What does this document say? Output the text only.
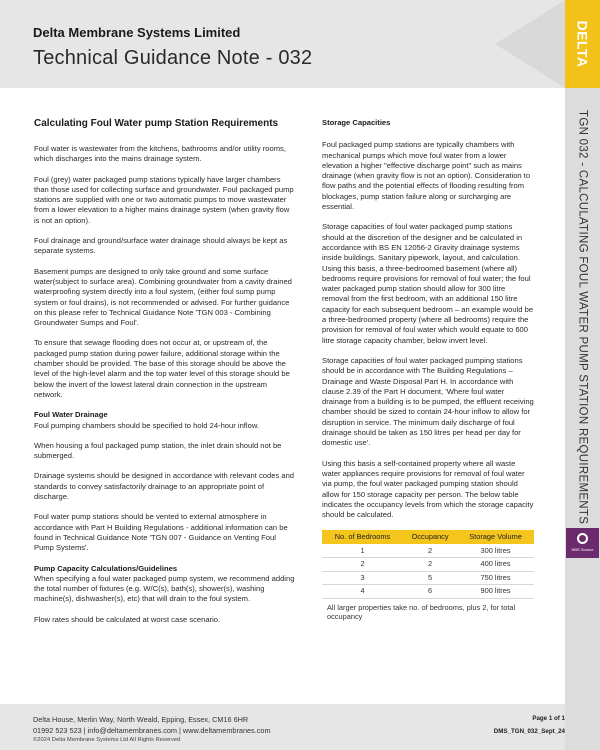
Delta Membrane Systems Limited
Technical Guidance Note - 032	DELTA
TGN 032 - CALCULATING FOUL WATER PUMP STATION REQUIREMENTS
NBS Source
Calculating Foul Water pump Station Requirements

Foul water is wastewater from the kitchens, bathrooms and/or utility rooms, which discharges into the mains drainage system.

Foul (grey) water packaged pump stations typically have larger chambers than those used for collecting surface and groundwater. Foul packaged pump stations are supplied with one or two automatic pumps to move wastewater from a lower elevation to a higher mains drainage system (when gravity flow is not an option).

Foul drainage and ground/surface water drainage should always be kept as separate systems.

Basement pumps are designed to only take ground and some surface water(subject to surface area). Combining groundwater from a cavity drained waterproofing system directly into a foul system, (either foul sump pump system or foul drains), is not recommended or advised. For further guidance on this please refer to Technical Guidance Note 'TGN 003 - Combining Groundwater Sumps and Foul'.

To ensure that sewage flooding does not occur at, or upstream of, the packaged pump station during power failure, additional storage within the chamber should be provided. The base of this storage should be above the level of the high-level alarm and the top water level of this storage should be below the invert of the lowest lateral drain connection in the upstream network.

Foul Water Drainage

Foul pumping chambers should be specified to hold 24-hour inflow.

When housing a foul packaged pump station, the inlet drain should not be submerged.

Drainage systems should be designed in accordance with relevant codes and standards to convey satisfactorily drainage to an appropriate point of discharge.

Foul water pump stations should be vented to external atmosphere in accordance with Part H Building Regulations - additional information can be found in Technical Guidance Note 'TGN 007 - Guidance on Venting Foul Pump Systems'.

Pump Capacity Calculations/Guidelines

When specifying a foul water packaged pump system, we recommend adding the total number of fixtures (e.g. W/C(s), bath(s), shower(s), washing machine(s), dishwasher(s), etc) that will drain to the foul system.

Flow rates should be calculated at worst case scenario.

Storage Capacities

Foul packaged pump stations are typically chambers with mechanical pumps which move foul water from a lower elevation a higher "effective discharge point" such as mains drainage (when gravity flow is not an option). Consideration to flow paths and the potential effects of flooding resulting from blockages, pump station failure along or surcharging are essential.

Storage capacities of foul water packaged pump stations should at the discretion of the designer and be calculated in accordance with BS EN 12056-2 Gravity drainage systems inside buildings. Sanitary pipework, layout, and calculation. Using this basis, a three-bedroomed basement (where all) bedrooms require provisions for removal of foul water; the foul water packaged pump station should allow for 300 litre removal from the first bedroom, with an additional 150 litre capacity for each subsequent bedroom – an example would be a three-bedroomed property (where all bedrooms) require the provision for removal of foul water which would equate to 600 litre storage capacity chamber, below invert level.

Storage capacities of foul water packaged pumping stations should be in accordance with The Building Regulations – Drainage and Waste Disposal Part H. In accordance with clause 2.39 of the Part H document, 'Where foul water drainage from a building is to be pumped, the effluent receiving chamber should be sized to contain 24-hour inflow to allow for disruption in service. The minimum daily discharge of foul drainage should be taken as 150 litres per head per day for domestic use'.

Using this basis a self-contained property where all waste water appliances require provisions for removal of foul water via pump, the foul water packaged pumping station should allow for 150 storage capacity per person. The below table indicates the occupancy levels from which the storage capacity should be calculated.

No. of Bedrooms	Occupancy	Storage Volume
1	2	300 litres
2	2	400 litres
3	5	750 litres
4	6	900 litres
All larger properties take no. of bedrooms, plus 2, for total occupancy
Delta House, Merlin Way, North Weald, Epping, Essex, CM16 6HR
01992 523 523 | info@deltamembranes.com | www.deltamembranes.com
©2024 Delta Membrane Systems Ltd All Rights Reserved
Page 1 of 1
DMS_TGN_032_Sept_24
